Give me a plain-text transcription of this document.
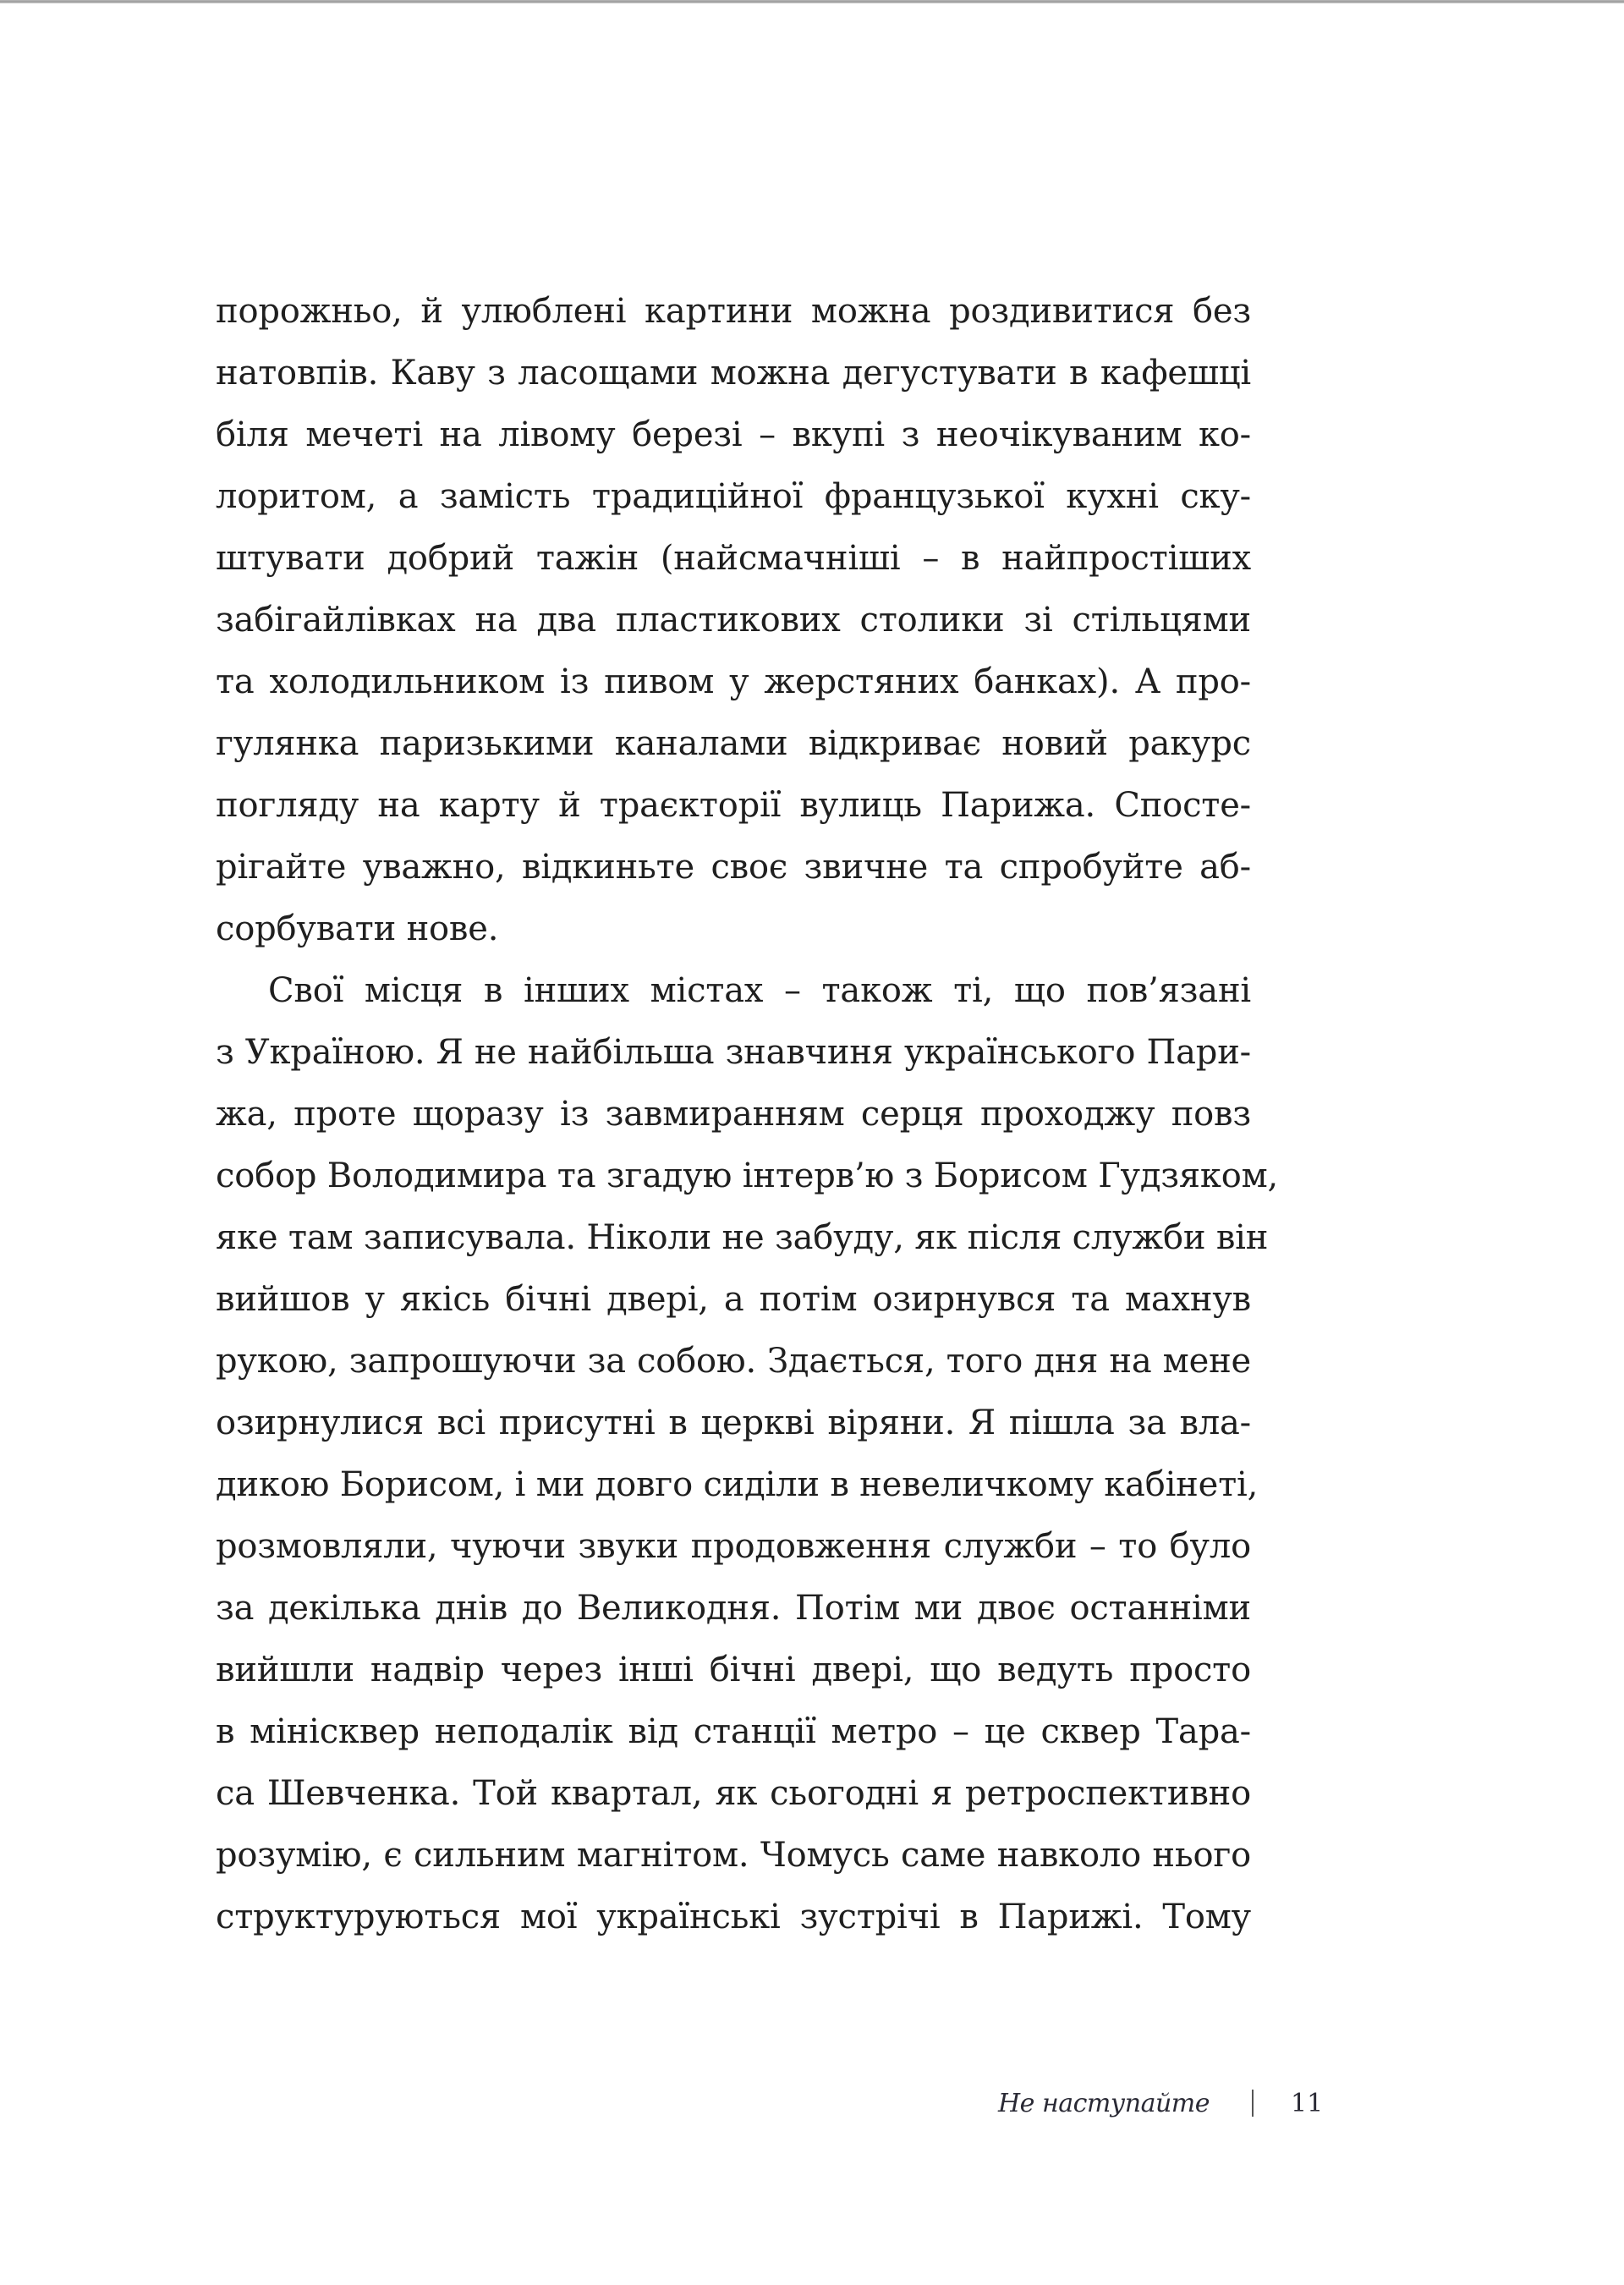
порожньо, й улюблені картини можна роздивитися без
натовпів. Каву з ласощами можна дегустувати в кафешці
біля мечеті на лівому березі – вкупі з неочікуваним ко-
лоритом, а замість традиційної французької кухні ску-
штувати добрий тажін (найсмачніші – в найпростіших
забігайлівках на два пластикових столики зі стільцями
та холодильником із пивом у жерстяних банках). А про-
гулянка паризькими каналами відкриває новий ракурс
погляду на карту й траєкторії вулиць Парижа. Спосте-
рігайте уважно, відкиньте своє звичне та спробуйте аб-
сорбувати нове.
Свої місця в інших містах – також ті, що пов’язані
з Україною. Я не найбільша знавчиня українського Пари-
жа, проте щоразу із завмиранням серця проходжу повз
собор Володимира та згадую інтерв’ю з Борисом Гудзяком,
яке там записувала. Ніколи не забуду, як після служби він
вийшов у якісь бічні двері, а потім озирнувся та махнув
рукою, запрошуючи за собою. Здається, того дня на мене
озирнулися всі присутні в церкві віряни. Я пішла за вла-
дикою Борисом, і ми довго сиділи в невеличкому кабінеті,
розмовляли, чуючи звуки продовження служби – то було
за декілька днів до Великодня. Потім ми двоє останніми
вийшли надвір через інші бічні двері, що ведуть просто
в мінісквер неподалік від станції метро – це сквер Тара-
са Шевченка. Той квартал, як сьогодні я ретроспективно
розумію, є сильним магнітом. Чомусь саме навколо нього
структуруються мої українські зустрічі в Парижі. Тому
Не наступайте	11
